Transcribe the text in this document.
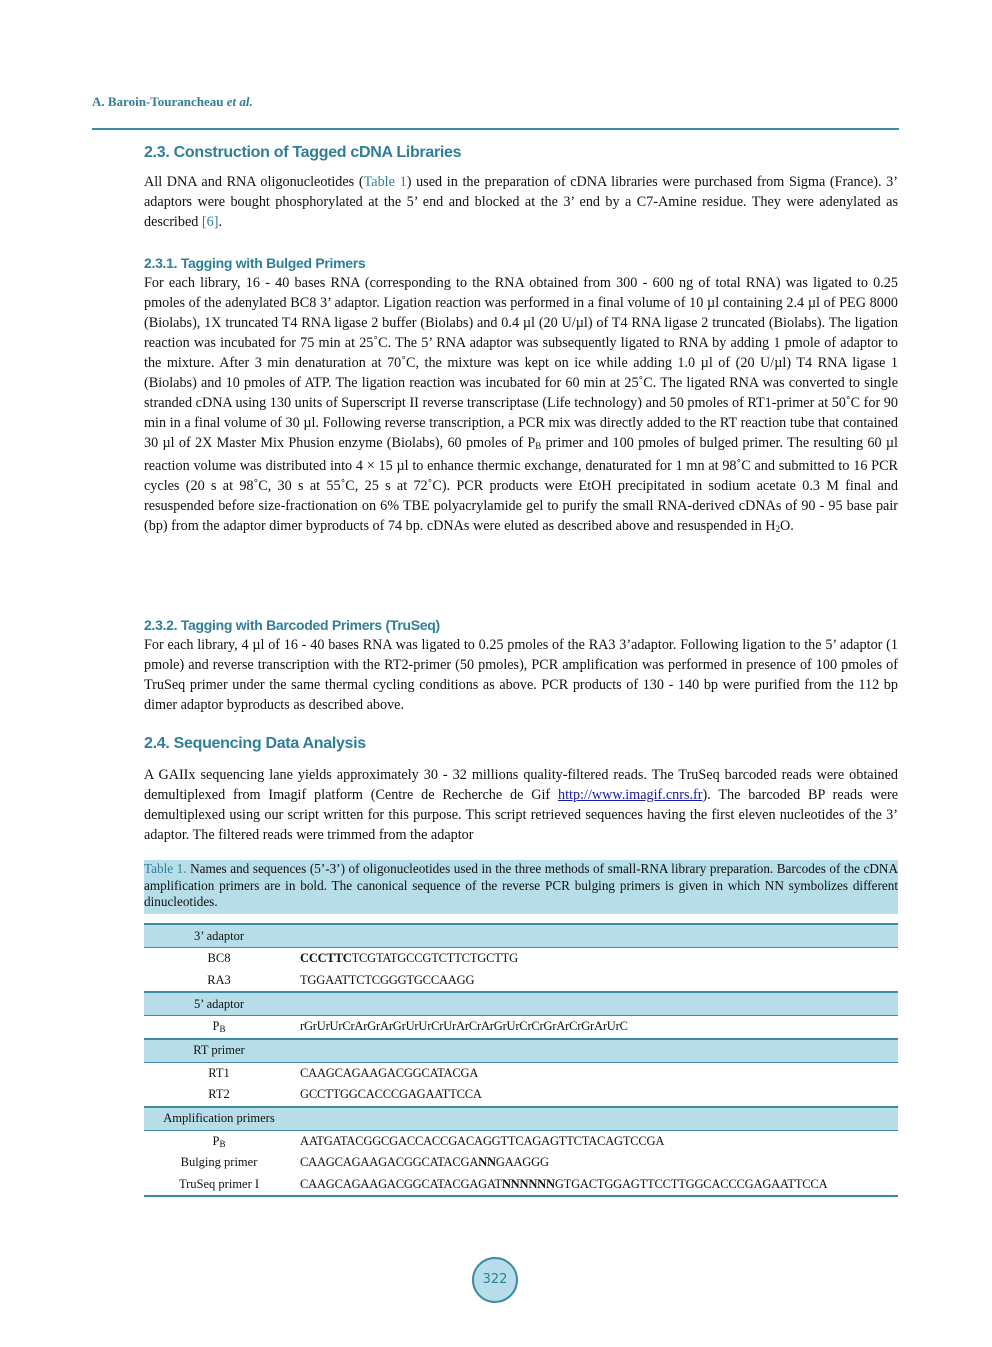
A. Baroin-Tourancheau et al.
2.3. Construction of Tagged cDNA Libraries

All DNA and RNA oligonucleotides (Table 1) used in the preparation of cDNA libraries were purchased from Sigma (France). 3’ adaptors were bought phosphorylated at the 5’ end and blocked at the 3’ end by a C7-Amine residue. They were adenylated as described [6].

2.3.1. Tagging with Bulged Primers

For each library, 16 - 40 bases RNA (corresponding to the RNA obtained from 300 - 600 ng of total RNA) was ligated to 0.25 pmoles of the adenylated BC8 3’ adaptor. Ligation reaction was performed in a final volume of 10 µl containing 2.4 µl of PEG 8000 (Biolabs), 1X truncated T4 RNA ligase 2 buffer (Biolabs) and 0.4 µl (20 U/µl) of T4 RNA ligase 2 truncated (Biolabs). The ligation reaction was incubated for 75 min at 25˚C. The 5’ RNA adaptor was subsequently ligated to RNA by adding 1 pmole of adaptor to the mixture. After 3 min denaturation at 70˚C, the mixture was kept on ice while adding 1.0 µl of (20 U/µl) T4 RNA ligase 1 (Biolabs) and 10 pmoles of ATP. The ligation reaction was incubated for 60 min at 25˚C. The ligated RNA was converted to single stranded cDNA using 130 units of Superscript II reverse transcriptase (Life technology) and 50 pmoles of RT1-primer at 50˚C for 90 min in a final volume of 30 µl. Following reverse transcription, a PCR mix was directly added to the RT reaction tube that contained 30 µl of 2X Master Mix Phusion enzyme (Biolabs), 60 pmoles of $P_B$ primer and 100 pmoles of bulged primer. The resulting 60 µl reaction volume was distributed into 4 × 15 µl to enhance thermic exchange, denaturated for 1 mn at 98˚C and submitted to 16 PCR cycles (20 s at 98˚C, 30 s at 55˚C, 25 s at 72˚C). PCR products were EtOH precipitated in sodium acetate 0.3 M final and resuspended before size-fractionation on 6% TBE polyacrylamide gel to purify the small RNA-derived cDNAs of 90 - 95 base pair (bp) from the adaptor dimer byproducts of 74 bp. cDNAs were eluted as described above and resuspended in $H_2O$.

2.3.2. Tagging with Barcoded Primers (TruSeq)

For each library, 4 µl of 16 - 40 bases RNA was ligated to 0.25 pmoles of the RA3 3’adaptor. Following ligation to the 5’ adaptor (1 pmole) and reverse transcription with the RT2-primer (50 pmoles), PCR amplification was performed in presence of 100 pmoles of TruSeq primer under the same thermal cycling conditions as above. PCR products of 130 - 140 bp were purified from the 112 bp dimer adaptor byproducts as described above.

2.4. Sequencing Data Analysis

A GAIIx sequencing lane yields approximately 30 - 32 millions quality-filtered reads. The TruSeq barcoded reads were obtained demultiplexed from Imagif platform (Centre de Recherche de Gif http://www.imagif.cnrs.fr). The barcoded BP reads were demultiplexed using our script written for this purpose. This script retrieved sequences having the first eleven nucleotides of the 3’ adaptor. The filtered reads were trimmed from the adaptor

Table 1. Names and sequences (5’-3’) of oligonucleotides used in the three methods of small-RNA library preparation. Barcodes of the cDNA amplification primers are in bold. The canonical sequence of the reverse PCR bulging primers is given in which NN symbolizes different dinucleotides.
3’ adaptor	
BC8	CCCTTCTCGTATGCCGTCTTCTGCTTG
RA3	TGGAATTCTCGGGTGCCAAGG
5’ adaptor	
$P_B$	rGrUrUrCrArGrArGrUrUrCrUrArCrArGrUrCrCrGrArCrGrArUrC
RT primer	
RT1	CAAGCAGAAGACGGCATACGA
RT2	GCCTTGGCACCCGAGAATTCCA
Amplification primers	
$P_B$	AATGATACGGCGACCACCGACAGGTTCAGAGTTCTACAGTCCGA
Bulging primer	CAAGCAGAAGACGGCATACGANNGAAGGG
TruSeq primer I	CAAGCAGAAGACGGCATACGAGATNNNNNNGTGACTGGAGTTCCTTGGCACCCGAGAATTCCA
322
